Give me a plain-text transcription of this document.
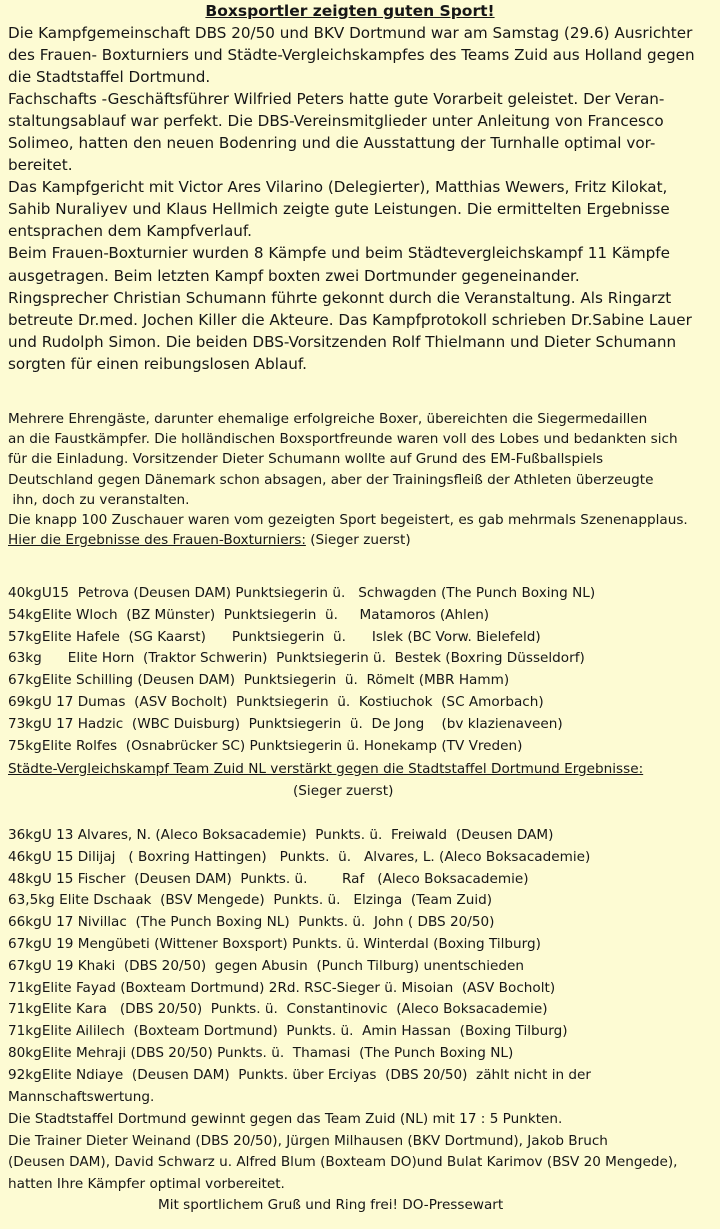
Boxsportler zeigten guten Sport!

Die Kampfgemeinschaft DBS 20/50 und BKV Dortmund war am Samstag (29.6) Ausrichter

des Frauen- Boxturniers und Städte-Vergleichskampfes des Teams Zuid aus Holland gegen

die Stadtstaffel Dortmund.

Fachschafts -Geschäftsführer Wilfried Peters hatte gute Vorarbeit geleistet. Der Veran-

staltungsablauf war perfekt. Die DBS-Vereinsmitglieder unter Anleitung von Francesco

Solimeo, hatten den neuen Bodenring und die Ausstattung der Turnhalle optimal vor-

bereitet.

Das Kampfgericht mit Victor Ares Vilarino (Delegierter), Matthias Wewers, Fritz Kilokat,

Sahib Nuraliyev und Klaus Hellmich zeigte gute Leistungen. Die ermittelten Ergebnisse

entsprachen dem Kampfverlauf.

Beim Frauen-Boxturnier wurden 8 Kämpfe und beim Städtevergleichskampf 11 Kämpfe

ausgetragen. Beim letzten Kampf boxten zwei Dortmunder gegeneinander.

Ringsprecher Christian Schumann führte gekonnt durch die Veranstaltung. Als Ringarzt

betreute Dr.med. Jochen Killer die Akteure. Das Kampfprotokoll schrieben Dr.Sabine Lauer

und Rudolph Simon. Die beiden DBS-Vorsitzenden Rolf Thielmann und Dieter Schumann

sorgten für einen reibungslosen Ablauf.

Mehrere Ehrengäste, darunter ehemalige erfolgreiche Boxer, übereichten die Siegermedaillen

an die Faustkämpfer. Die holländischen Boxsportfreunde waren voll des Lobes und bedankten sich

für die Einladung. Vorsitzender Dieter Schumann wollte auf Grund des EM-Fußballspiels

Deutschland gegen Dänemark schon absagen, aber der Trainingsfleiß der Athleten überzeugte

ihn, doch zu veranstalten.

Die knapp 100 Zuschauer waren vom gezeigten Sport begeistert, es gab mehrmals Szenenapplaus.

Hier die Ergebnisse des Frauen-Boxturniers: (Sieger zuerst)

40kg U15 Petrova (Deusen DAM) Punktsiegerin ü.   Schwagden (The Punch Boxing NL)
54kg Elite Wloch  (BZ Münster)  Punktsiegerin  ü.     Matamoros (Ahlen)
57kg Elite Hafele  (SG Kaarst)      Punktsiegerin  ü.      Islek (BC Vorw. Bielefeld)
63kg Elite Horn  (Traktor Schwerin)  Punktsiegerin ü.  Bestek (Boxring Düsseldorf)
67kg Elite Schilling (Deusen DAM)  Punktsiegerin  ü.  Römelt (MBR Hamm)
69kg U 17 Dumas  (ASV Bocholt)  Punktsiegerin  ü.  Kostiuchok  (SC Amorbach)
73kg U 17 Hadzic  (WBC Duisburg)  Punktsiegerin  ü.  De Jong    (bv klazienaveen)
75kg Elite Rolfes  (Osnabrücker SC) Punktsiegerin ü. Honekamp (TV Vreden)
Städte-Vergleichskampf Team Zuid NL verstärkt gegen die Stadtstaffel Dortmund Ergebnisse:
(Sieger zuerst)
36kg U 13 Alvares, N. (Aleco Boksacademie)  Punkts. ü.  Freiwald  (Deusen DAM)
46kg U 15 Dilijaj   ( Boxring Hattingen)   Punkts.  ü.   Alvares, L. (Aleco Boksacademie)
48kg U 15 Fischer  (Deusen DAM)  Punkts. ü.        Raf   (Aleco Boksacademie)
63,5kg Elite Dschaak  (BSV Mengede)  Punkts. ü.   Elzinga  (Team Zuid)
66kg U 17 Nivillac  (The Punch Boxing NL)  Punkts. ü.  John ( DBS 20/50)
67kg U 19 Mengübeti (Wittener Boxsport) Punkts. ü. Winterdal (Boxing Tilburg)
67kg U 19 Khaki  (DBS 20/50)  gegen Abusin  (Punch Tilburg) unentschieden
71kg Elite Fayad (Boxteam Dortmund) 2Rd. RSC-Sieger ü. Misoian  (ASV Bocholt)
71kg Elite Kara   (DBS 20/50)  Punkts. ü.  Constantinovic  (Aleco Boksacademie)
71kg Elite Aililech  (Boxteam Dortmund)  Punkts. ü.  Amin Hassan  (Boxing Tilburg)
80kg Elite Mehraji (DBS 20/50) Punkts. ü.  Thamasi  (The Punch Boxing NL)
92kg Elite Ndiaye  (Deusen DAM)  Punkts. über Erciyas  (DBS 20/50)  zählt nicht in der
Mannschaftswertung.

Die Stadtstaffel Dortmund gewinnt gegen das Team Zuid (NL) mit 17 : 5 Punkten.

Die Trainer Dieter Weinand (DBS 20/50), Jürgen Milhausen (BKV Dortmund), Jakob Bruch

(Deusen DAM), David Schwarz u. Alfred Blum (Boxteam DO)und Bulat Karimov (BSV 20 Mengede),

hatten Ihre Kämpfer optimal vorbereitet.

Mit sportlichem Gruß und Ring frei! DO-Pressewart
